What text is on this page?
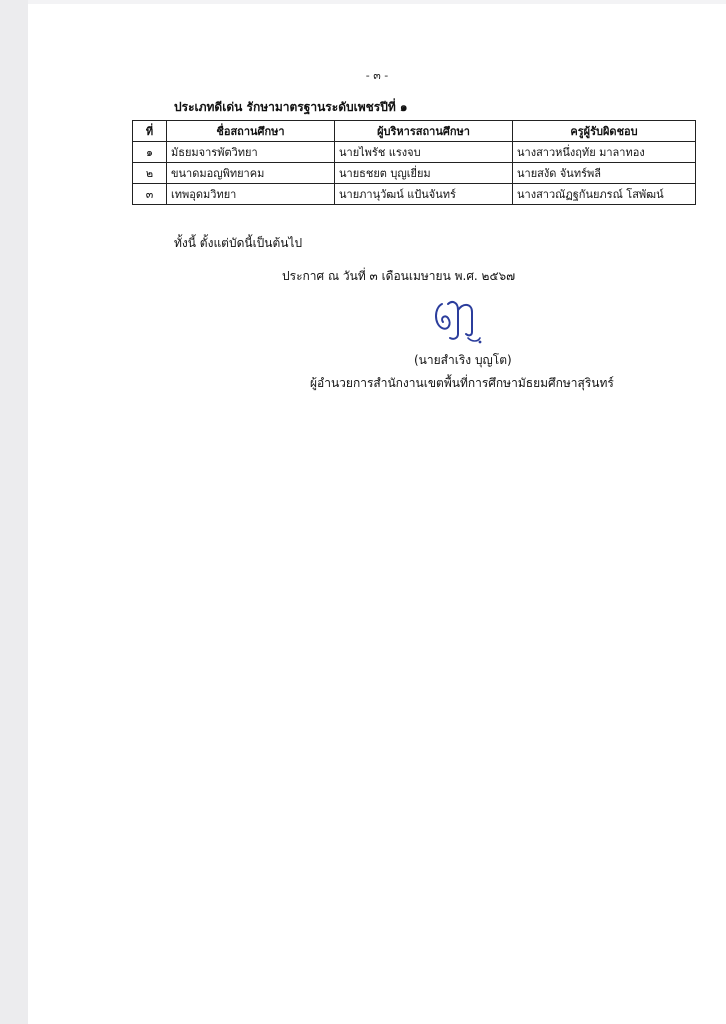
- ๓ -
ประเภทดีเด่น รักษามาตรฐานระดับเพชรปีที่ ๑
ที่	ชื่อสถานศึกษา	ผู้บริหารสถานศึกษา	ครูผู้รับผิดชอบ
๑	มัธยมจารพัตวิทยา	นายไพรัช แรงจบ	นางสาวหนึ่งฤทัย มาลาทอง
๒	ขนาดมอญพิทยาคม	นายธชยต บุญเยี่ยม	นายสงัด จันทร์พลี
๓	เทพอุดมวิทยา	นายภานุวัฒน์ แป้นจันทร์	นางสาวณัฏฐกันยภรณ์ โสพัฒน์
ทั้งนี้ ตั้งแต่บัดนี้เป็นต้นไป
ประกาศ ณ วันที่ ๓ เดือนเมษายน พ.ศ. ๒๕๖๗
(นายสำเริง บุญโต)
ผู้อำนวยการสำนักงานเขตพื้นที่การศึกษามัธยมศึกษาสุรินทร์
